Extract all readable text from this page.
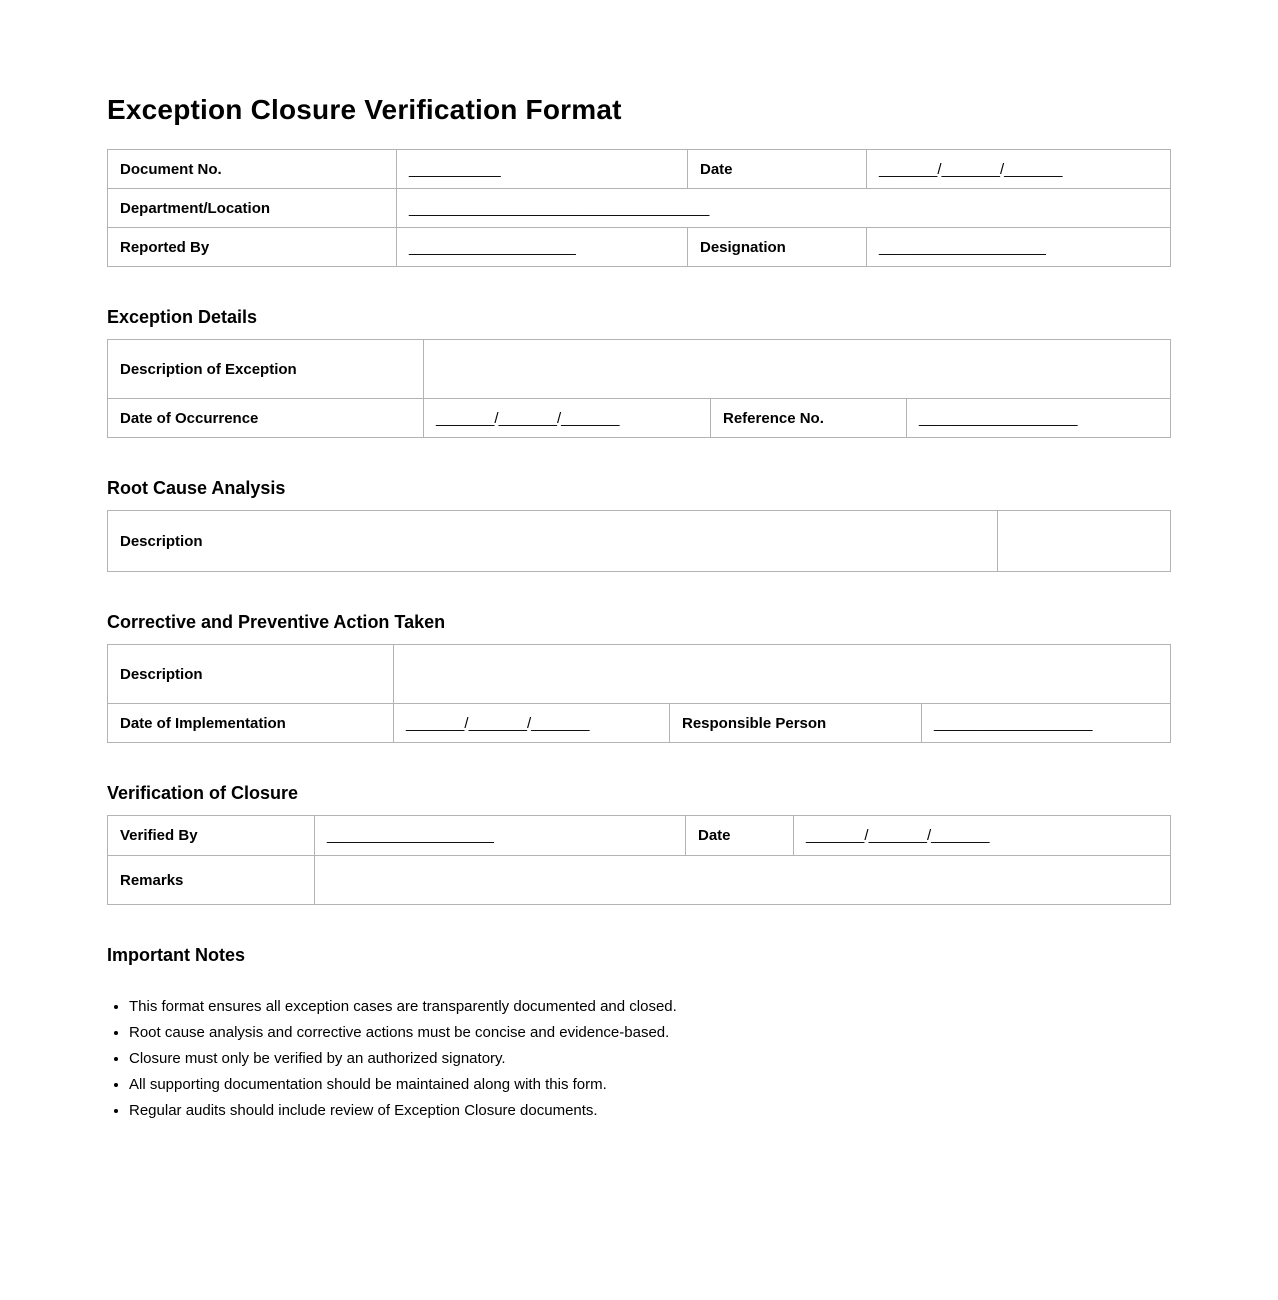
Exception Closure Verification Format
Document No.	___________	Date	_______/_______/_______
Department/Location	____________________________________		
Reported By	____________________	Designation	____________________
Exception Details
Description of Exception			
Date of Occurrence	_______/_______/_______	Reference No.	___________________
Root Cause Analysis
Description	
Corrective and Preventive Action Taken
Description			
Date of Implementation	_______/_______/_______	Responsible Person	___________________
Verification of Closure
Verified By	____________________	Date	_______/_______/_______
Remarks			
Important Notes
• This format ensures all exception cases are transparently documented and closed.
• Root cause analysis and corrective actions must be concise and evidence-based.
• Closure must only be verified by an authorized signatory.
• All supporting documentation should be maintained along with this form.
• Regular audits should include review of Exception Closure documents.
